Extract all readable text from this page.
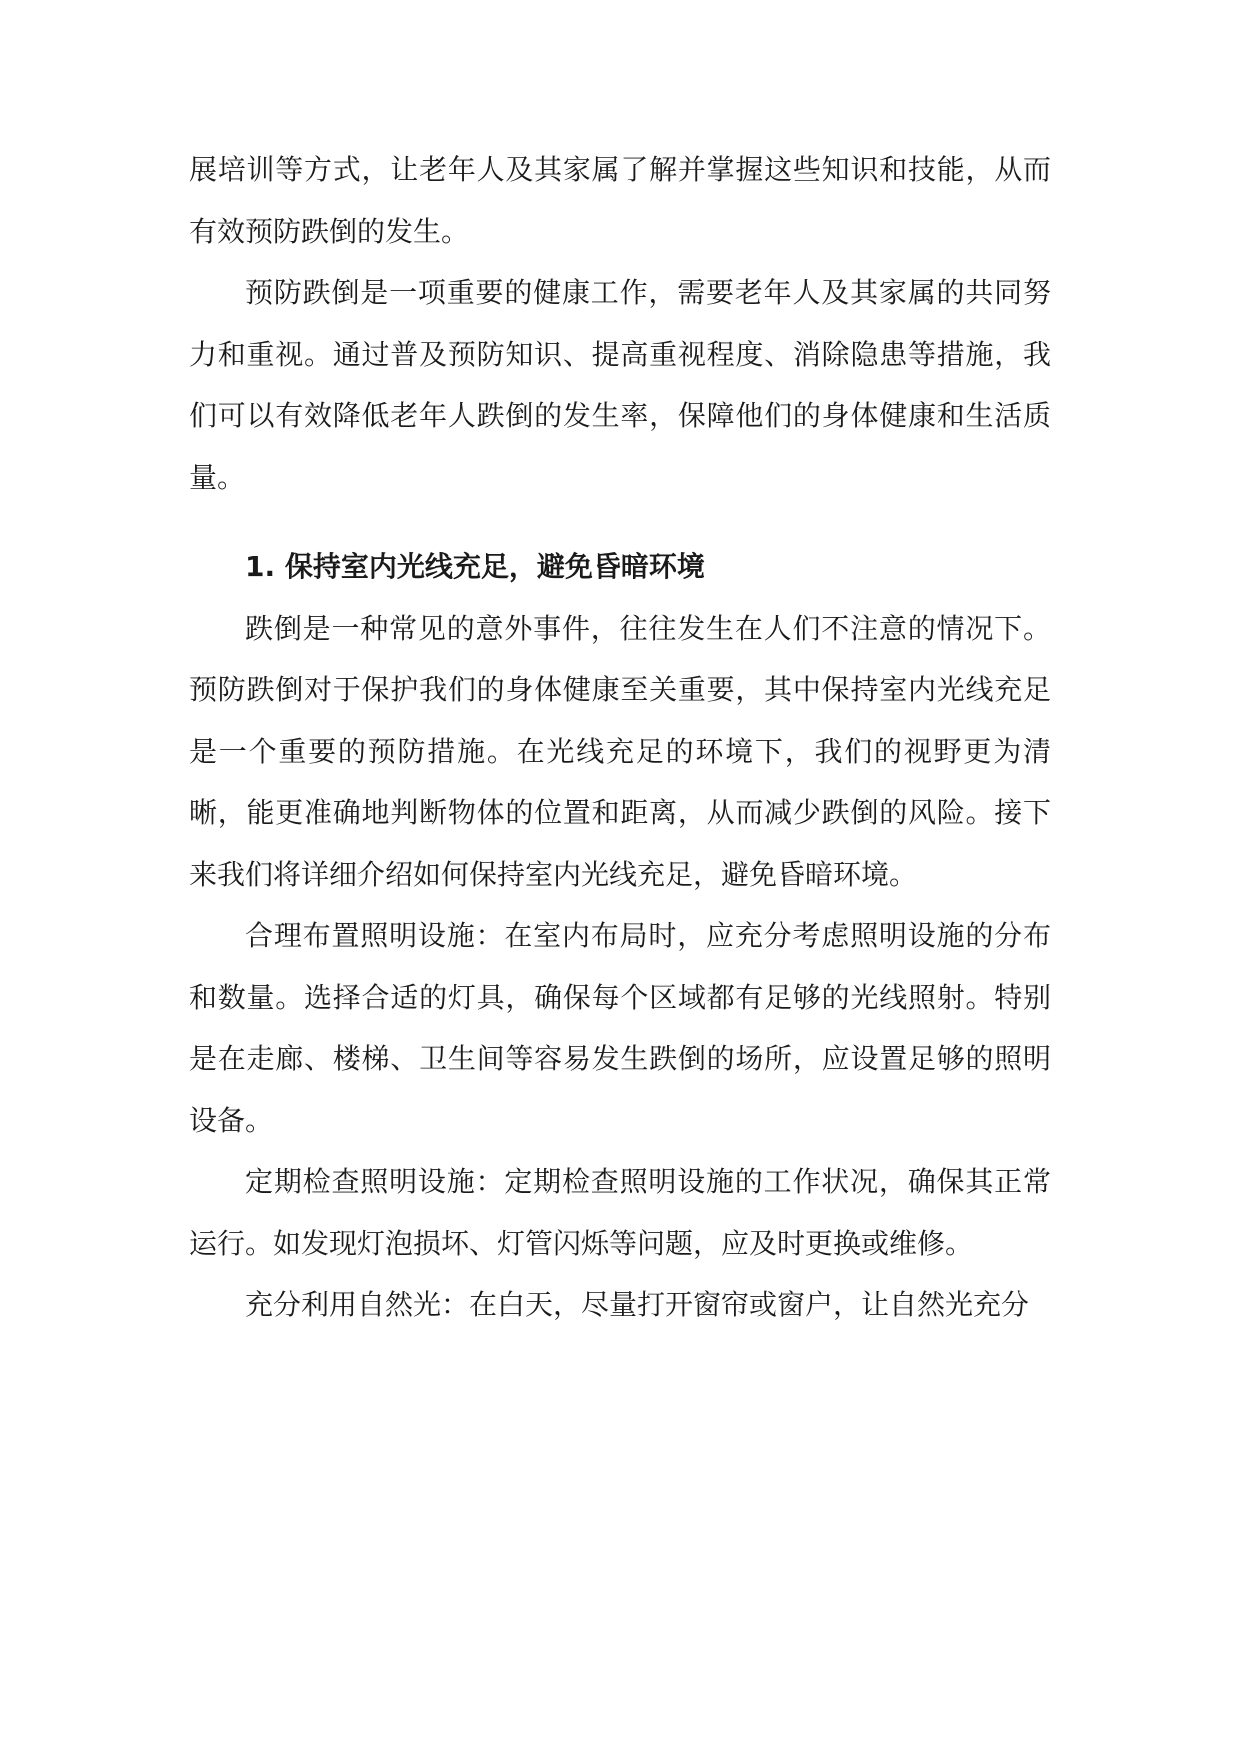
展培训等方式，让老年人及其家属了解并掌握这些知识和技能，从而有效预防跌倒的发生。

预防跌倒是一项重要的健康工作，需要老年人及其家属的共同努力和重视。通过普及预防知识、提高重视程度、消除隐患等措施，我们可以有效降低老年人跌倒的发生率，保障他们的身体健康和生活质量。

1. 保持室内光线充足，避免昏暗环境

跌倒是一种常见的意外事件，往往发生在人们不注意的情况下。预防跌倒对于保护我们的身体健康至关重要，其中保持室内光线充足是一个重要的预防措施。在光线充足的环境下，我们的视野更为清晰，能更准确地判断物体的位置和距离，从而减少跌倒的风险。接下来我们将详细介绍如何保持室内光线充足，避免昏暗环境。

合理布置照明设施：在室内布局时，应充分考虑照明设施的分布和数量。选择合适的灯具，确保每个区域都有足够的光线照射。特别是在走廊、楼梯、卫生间等容易发生跌倒的场所，应设置足够的照明设备。

定期检查照明设施：定期检查照明设施的工作状况，确保其正常运行。如发现灯泡损坏、灯管闪烁等问题，应及时更换或维修。

充分利用自然光：在白天，尽量打开窗帘或窗户，让自然光充分
